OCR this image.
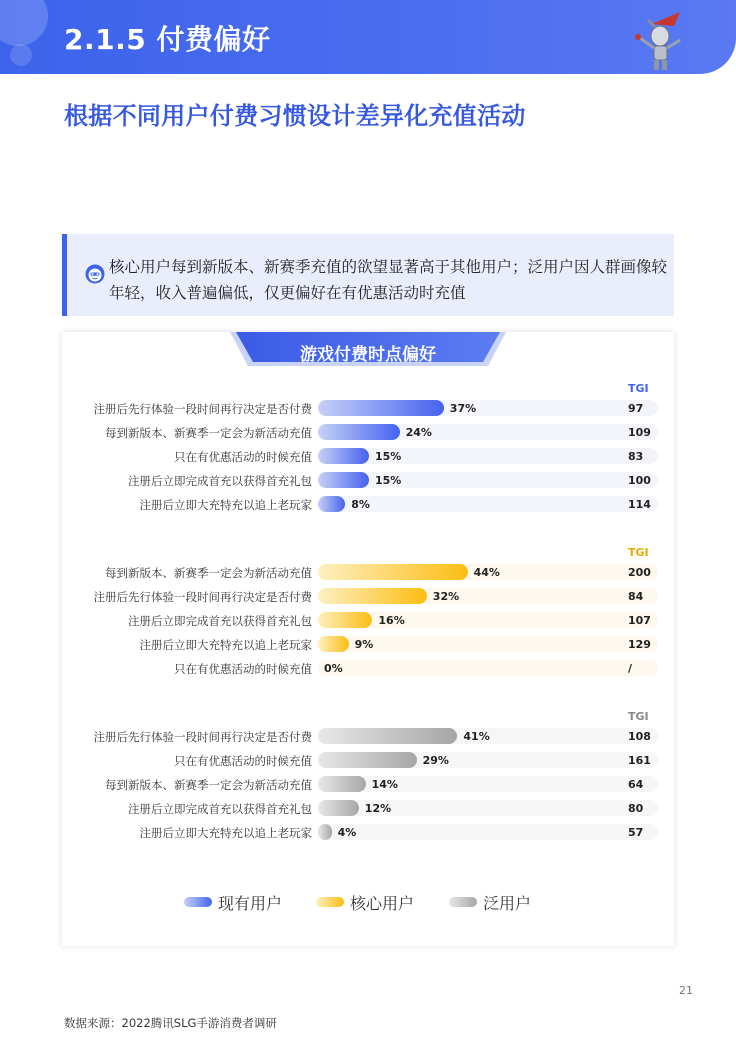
2.1.5 付费偏好
根据不同用户付费习惯设计差异化充值活动
核心用户每到新版本、新赛季充值的欲望显著高于其他用户；泛用户因人群画像较年轻，收入普遍偏低，仅更偏好在有优惠活动时充值
游戏付费时点偏好
TGI
注册后先行体验一段时间再行决定是否付费	37%	97
每到新版本、新赛季一定会为新活动充值	24%	109
只在有优惠活动的时候充值	15%	83
注册后立即完成首充以获得首充礼包	15%	100
注册后立即大充特充以追上老玩家	8%	114
TGI
每到新版本、新赛季一定会为新活动充值	44%	200
注册后先行体验一段时间再行决定是否付费	32%	84
注册后立即完成首充以获得首充礼包	16%	107
注册后立即大充特充以追上老玩家	9%	129
只在有优惠活动的时候充值 0%	/
TGI
注册后先行体验一段时间再行决定是否付费	41%	108
只在有优惠活动的时候充值	29%	161
每到新版本、新赛季一定会为新活动充值	14%	64
注册后立即完成首充以获得首充礼包	12%	80
注册后立即大充特充以追上老玩家 4%	57
现有用户	核心用户	泛用户
21
数据来源：2022腾讯SLG手游消费者调研
